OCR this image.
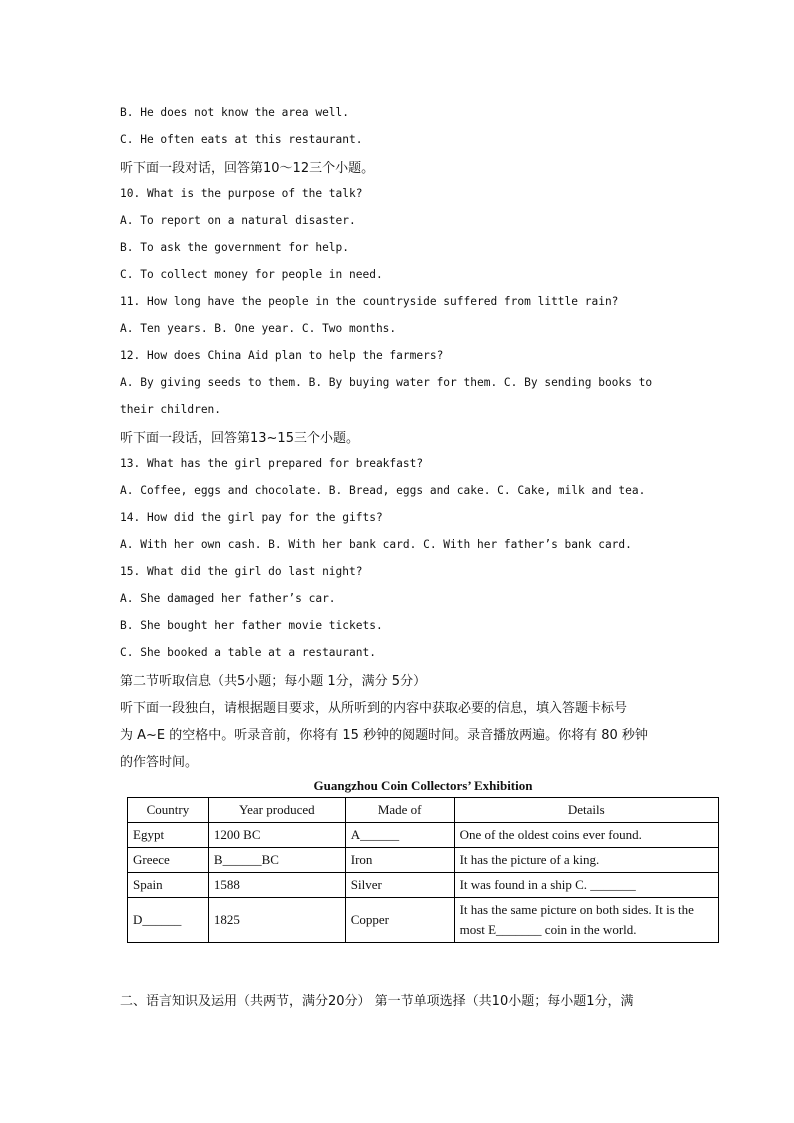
B. He does not know the area well.
C. He often eats at this restaurant.
听下面一段对话，回答第10～12三个小题。
10. What is the purpose of the talk?
A. To report on a natural disaster.
B. To ask the government for help.
C. To collect money for people in need.
11. How long have the people in the countryside suffered from little rain?
A. Ten years. B. One year. C. Two months.
12. How does China Aid plan to help the farmers?
A. By giving seeds to them. B. By buying water for them. C. By sending books to
their children.
听下面一段话，回答第13~15三个小题。
13. What has the girl prepared for breakfast?
A. Coffee, eggs and chocolate. B. Bread, eggs and cake. C. Cake, milk and tea.
14. How did the girl pay for the gifts?
A. With her own cash. B. With her bank card. C. With her father’s bank card.
15. What did the girl do last night?
A. She damaged her father’s car.
B. She bought her father movie tickets.
C. She booked a table at a restaurant.
第二节听取信息（共5小题；每小题 1分，满分 5分）
听下面一段独白，请根据题目要求，从所听到的内容中获取必要的信息，填入答题卡标号
为 A~E 的空格中。听录音前，你将有 15 秒钟的阅题时间。录音播放两遍。你将有 80 秒钟
的作答时间。
Guangzhou Coin Collectors’ Exhibition
Country	Year produced	Made of	Details
Egypt	1200 BC	A______	One of the oldest coins ever found.
Greece	B______BC	Iron	It has the picture of a king.
Spain	1588	Silver	It was found in a ship C. _______
D______	1825	Copper	It has the same picture on both sides. It is the most E_______ coin in the world.
二、语言知识及运用（共两节，满分20分） 第一节单项选择（共10小题；每小题1分，满
